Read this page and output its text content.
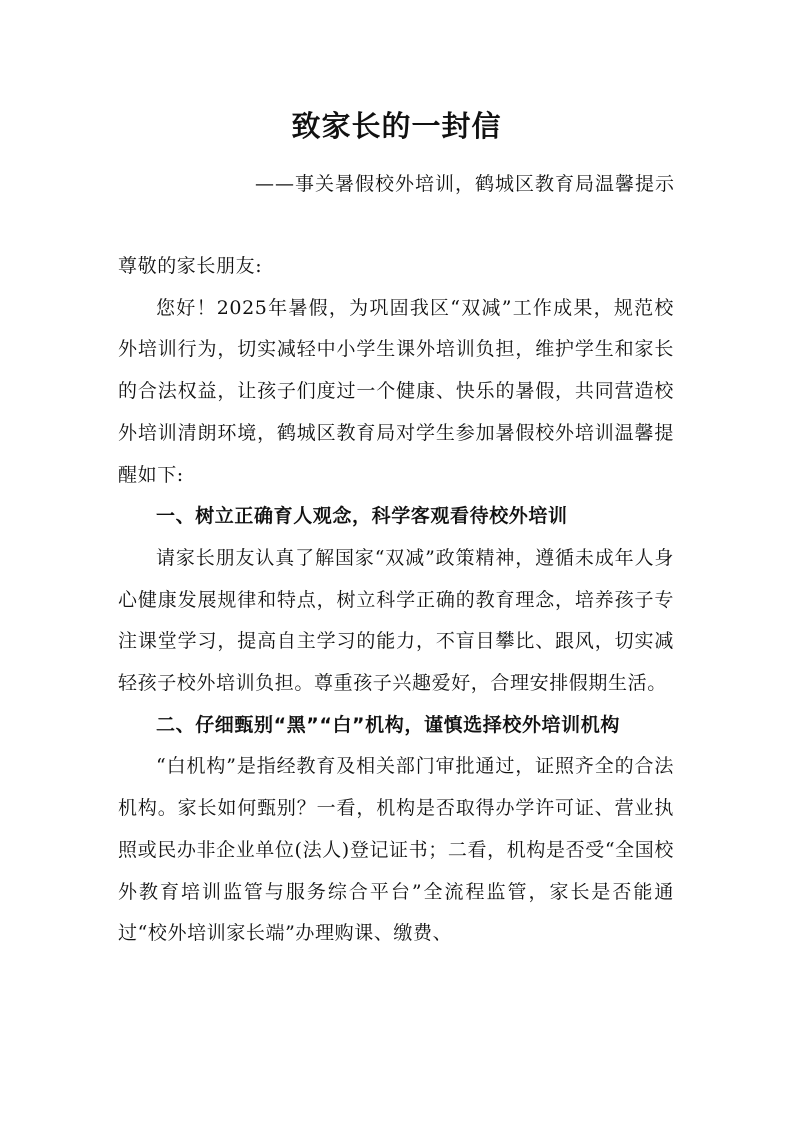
致家长的一封信
——事关暑假校外培训，鹤城区教育局温馨提示

尊敬的家长朋友:

您好！2025年暑假，为巩固我区“双减”工作成果，规范校外培训行为，切实减轻中小学生课外培训负担，维护学生和家长的合法权益，让孩子们度过一个健康、快乐的暑假，共同营造校外培训清朗环境，鹤城区教育局对学生参加暑假校外培训温馨提醒如下:

一、树立正确育人观念，科学客观看待校外培训

请家长朋友认真了解国家“双减”政策精神，遵循未成年人身心健康发展规律和特点，树立科学正确的教育理念，培养孩子专注课堂学习，提高自主学习的能力，不盲目攀比、跟风，切实减轻孩子校外培训负担。尊重孩子兴趣爱好，合理安排假期生活。

二、仔细甄别“黑”“白”机构，谨慎选择校外培训机构

“白机构”是指经教育及相关部门审批通过，证照齐全的合法机构。家长如何甄别？一看，机构是否取得办学许可证、营业执照或民办非企业单位(法人)登记证书；二看，机构是否受“全国校外教育培训监管与服务综合平台”全流程监管，家长是否能通过“校外培训家长端”办理购课、缴费、
